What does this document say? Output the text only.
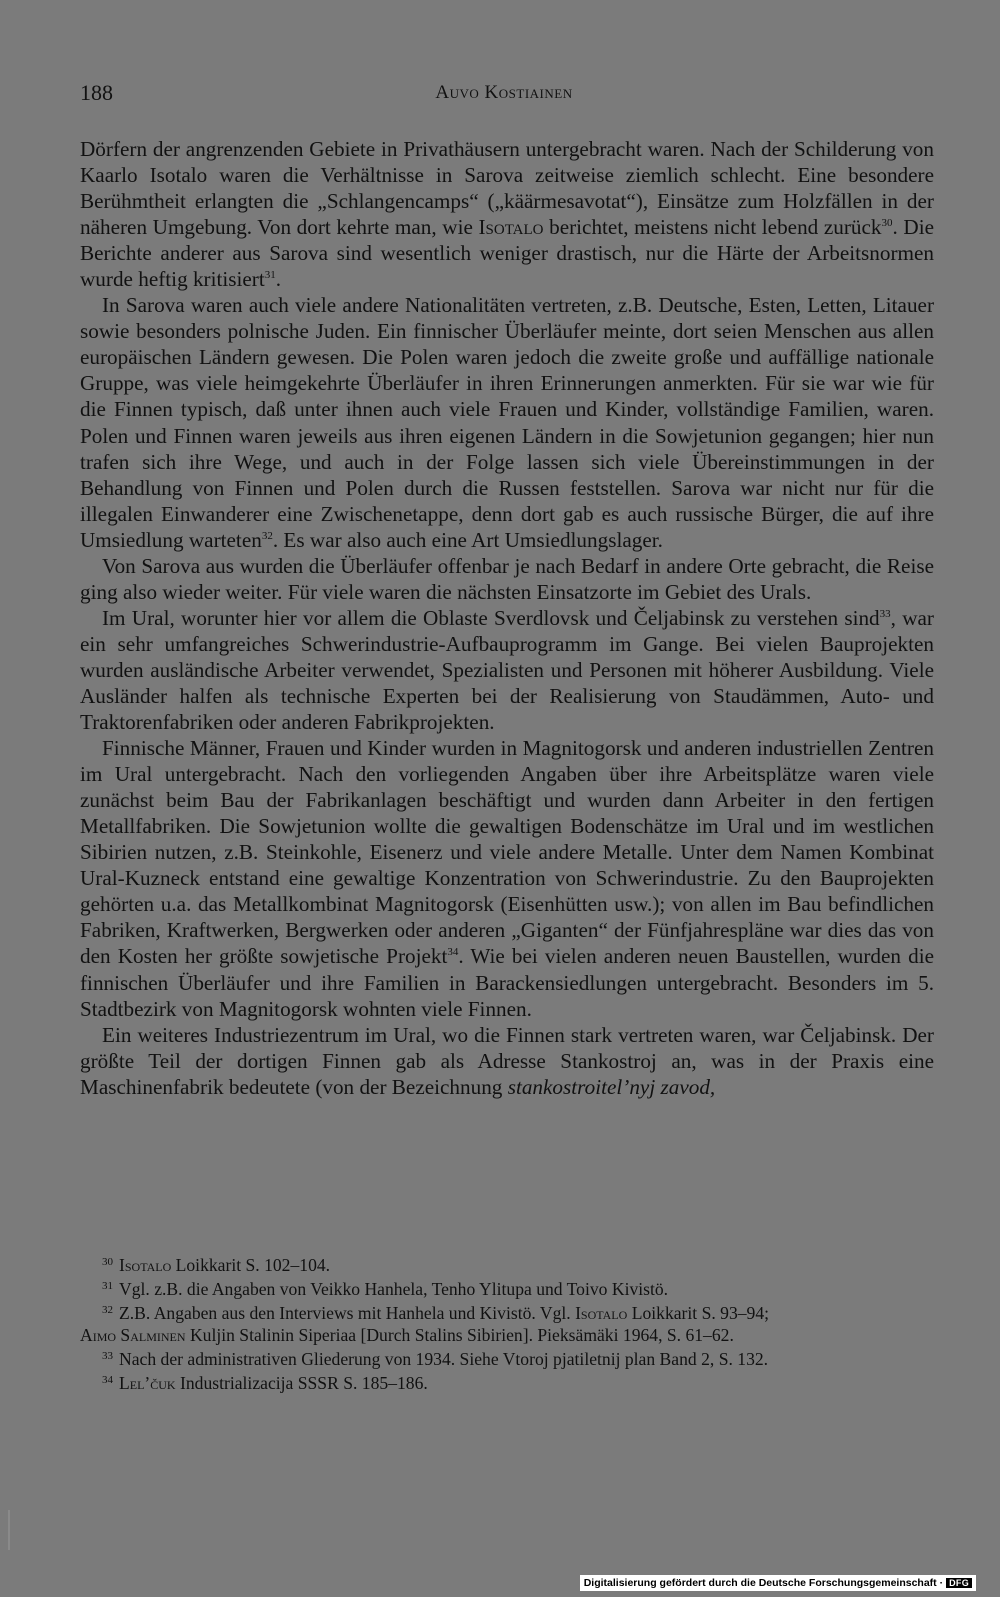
188	Auvo Kostiainen

Dörfern der angrenzenden Gebiete in Privathäusern untergebracht waren. Nach der Schilderung von Kaarlo Isotalo waren die Verhältnisse in Sarova zeitweise ziemlich schlecht. Eine besondere Berühmtheit erlangten die „Schlangencamps“ („käärmesavotat“), Einsätze zum Holzfällen in der näheren Umgebung. Von dort kehrte man, wie Isotalo berichtet, meistens nicht lebend zurück$^{30}$. Die Berichte anderer aus Sarova sind wesentlich weniger drastisch, nur die Härte der Arbeitsnormen wurde heftig kritisiert$^{31}$.

In Sarova waren auch viele andere Nationalitäten vertreten, z.B. Deutsche, Esten, Letten, Litauer sowie besonders polnische Juden. Ein finnischer Überläufer meinte, dort seien Menschen aus allen europäischen Ländern gewesen. Die Polen waren jedoch die zweite große und auffällige nationale Gruppe, was viele heimgekehrte Überläufer in ihren Erinnerungen anmerkten. Für sie war wie für die Finnen typisch, daß unter ihnen auch viele Frauen und Kinder, vollständige Familien, waren. Polen und Finnen waren jeweils aus ihren eigenen Ländern in die Sowjetunion gegangen; hier nun trafen sich ihre Wege, und auch in der Folge lassen sich viele Übereinstimmungen in der Behandlung von Finnen und Polen durch die Russen feststellen. Sarova war nicht nur für die illegalen Einwanderer eine Zwischenetappe, denn dort gab es auch russische Bürger, die auf ihre Umsiedlung warteten$^{32}$. Es war also auch eine Art Umsiedlungslager.

Von Sarova aus wurden die Überläufer offenbar je nach Bedarf in andere Orte gebracht, die Reise ging also wieder weiter. Für viele waren die nächsten Einsatzorte im Gebiet des Urals.

Im Ural, worunter hier vor allem die Oblaste Sverdlovsk und Čeljabinsk zu verstehen sind$^{33}$, war ein sehr umfangreiches Schwerindustrie-Aufbauprogramm im Gange. Bei vielen Bauprojekten wurden ausländische Arbeiter verwendet, Spezialisten und Personen mit höherer Ausbildung. Viele Ausländer halfen als technische Experten bei der Realisierung von Staudämmen, Auto- und Traktorenfabriken oder anderen Fabrikprojekten.

Finnische Männer, Frauen und Kinder wurden in Magnitogorsk und anderen industriellen Zentren im Ural untergebracht. Nach den vorliegenden Angaben über ihre Arbeitsplätze waren viele zunächst beim Bau der Fabrikanlagen beschäftigt und wurden dann Arbeiter in den fertigen Metallfabriken. Die Sowjetunion wollte die gewaltigen Bodenschätze im Ural und im westlichen Sibirien nutzen, z.B. Steinkohle, Eisenerz und viele andere Metalle. Unter dem Namen Kombinat Ural-Kuzneck entstand eine gewaltige Konzentration von Schwerindustrie. Zu den Bauprojekten gehörten u.a. das Metallkombinat Magnitogorsk (Eisenhütten usw.); von allen im Bau befindlichen Fabriken, Kraftwerken, Bergwerken oder anderen „Giganten“ der Fünfjahrespläne war dies das von den Kosten her größte sowjetische Projekt$^{34}$. Wie bei vielen anderen neuen Baustellen, wurden die finnischen Überläufer und ihre Familien in Barackensiedlungen untergebracht. Besonders im 5. Stadtbezirk von Magnitogorsk wohnten viele Finnen.

Ein weiteres Industriezentrum im Ural, wo die Finnen stark vertreten waren, war Čeljabinsk. Der größte Teil der dortigen Finnen gab als Adresse Stankostroj an, was in der Praxis eine Maschinenfabrik bedeutete (von der Bezeichnung stankostroitel’nyj zavod,

$^{30}$ Isotalo Loikkarit S. 102–104.

$^{31}$ Vgl. z.B. die Angaben von Veikko Hanhela, Tenho Ylitupa und Toivo Kivistö.

$^{32}$ Z.B. Angaben aus den Interviews mit Hanhela und Kivistö. Vgl. Isotalo Loikkarit S. 93–94;

Aimo Salminen Kuljin Stalinin Siperiaa [Durch Stalins Sibirien]. Pieksämäki 1964, S. 61–62.

$^{33}$ Nach der administrativen Gliederung von 1934. Siehe Vtoroj pjatiletnij plan Band 2, S. 132.

$^{34}$ Lel’čuk Industrializacija SSSR S. 185–186.

Digitalisierung gefördert durch die Deutsche Forschungsgemeinschaft · DFG
